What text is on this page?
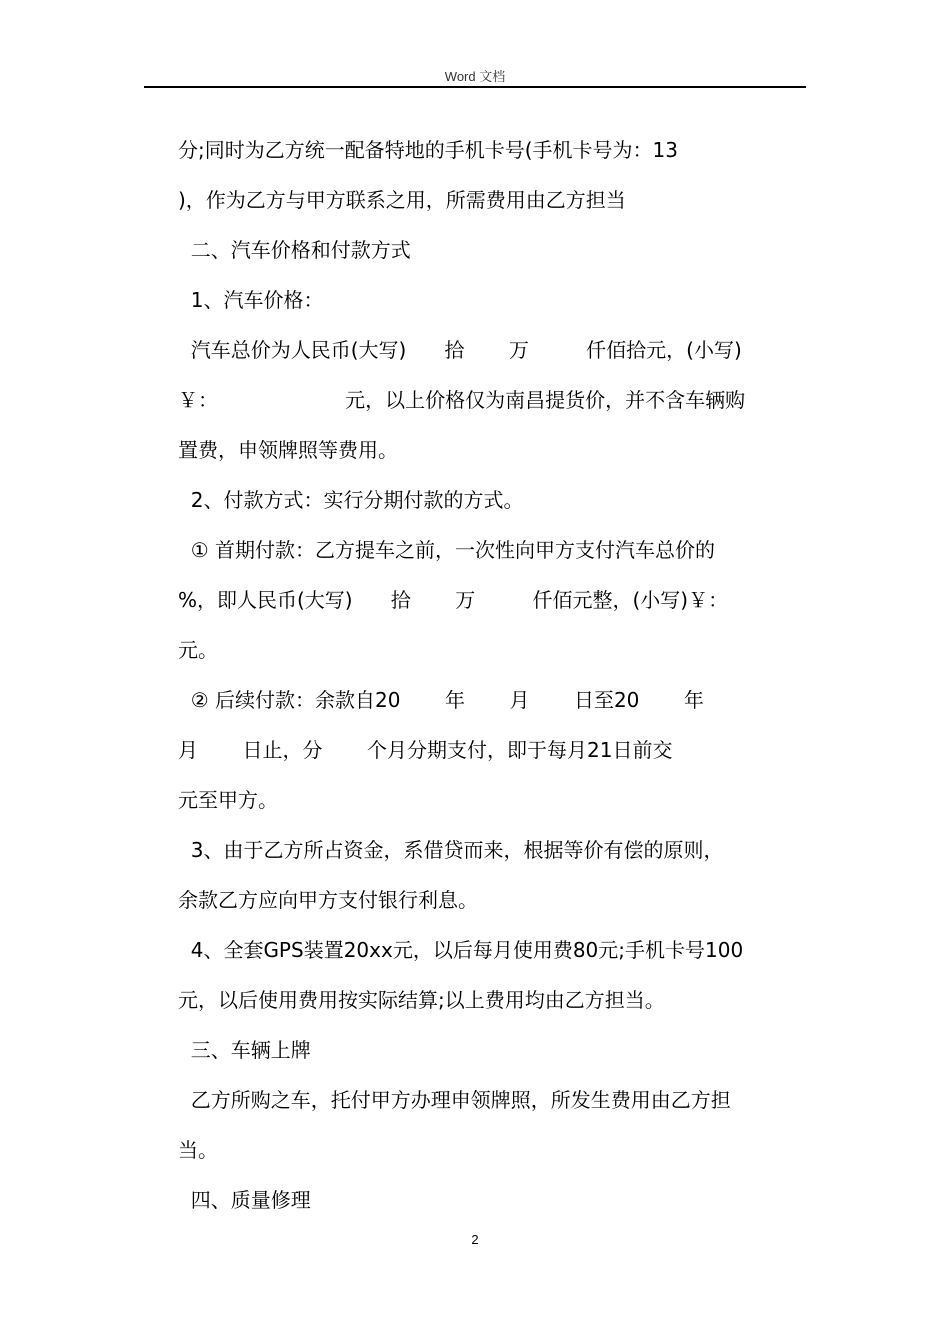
Word 文档
分;同时为乙方统一配备特地的手机卡号(手机卡号为：13
)，作为乙方与甲方联系之用，所需费用由乙方担当
二、汽车价格和付款方式
1、汽车价格：
汽车总价为人民币(大写)      拾       万         仟佰拾元，(小写)
￥：                    元，以上价格仅为南昌提货价，并不含车辆购
置费，申领牌照等费用。
2、付款方式：实行分期付款的方式。
① 首期付款：乙方提车之前，一次性向甲方支付汽车总价的
%，即人民币(大写)      拾       万         仟佰元整，(小写)￥：
元。
② 后续付款：余款自20       年       月       日至20       年
月       日止，分       个月分期支付，即于每月21日前交
元至甲方。
3、由于乙方所占资金，系借贷而来，根据等价有偿的原则，
余款乙方应向甲方支付银行利息。
4、全套GPS装置20xx元，以后每月使用费80元;手机卡号100
元，以后使用费用按实际结算;以上费用均由乙方担当。
三、车辆上牌
乙方所购之车，托付甲方办理申领牌照，所发生费用由乙方担
当。
四、质量修理
2
